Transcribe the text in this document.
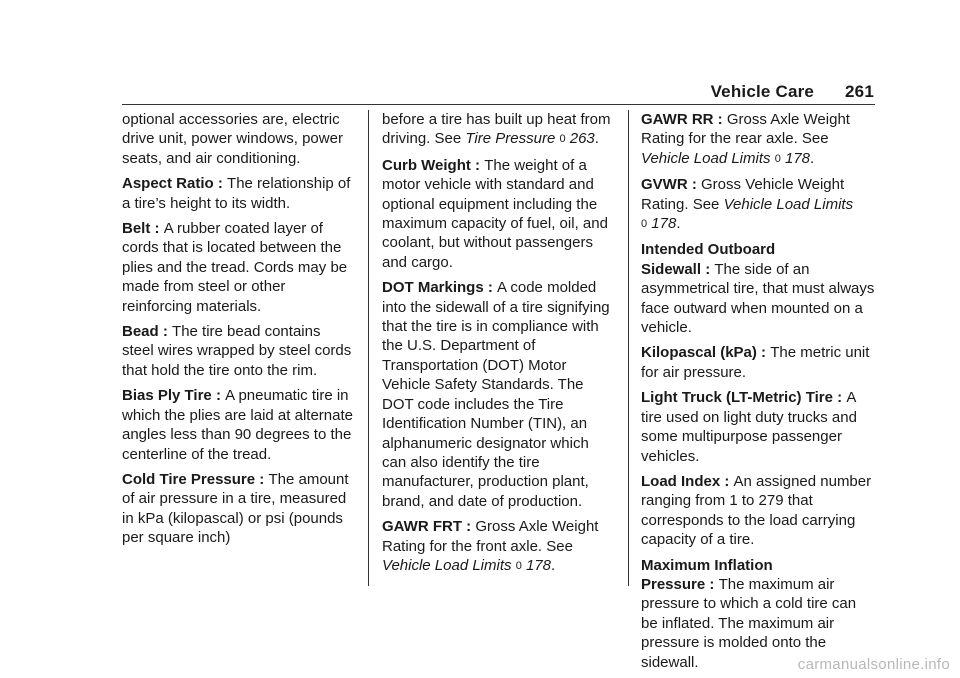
Vehicle Care 261

optional accessories are, electric drive unit, power windows, power seats, and air conditioning.

Aspect Ratio : The relationship of a tire’s height to its width.

Belt : A rubber coated layer of cords that is located between the plies and the tread. Cords may be made from steel or other reinforcing materials.

Bead : The tire bead contains steel wires wrapped by steel cords that hold the tire onto the rim.

Bias Ply Tire : A pneumatic tire in which the plies are laid at alternate angles less than 90 degrees to the centerline of the tread.

Cold Tire Pressure : The amount of air pressure in a tire, measured in kPa (kilopascal) or psi (pounds per square inch)

before a tire has built up heat from driving. See Tire Pressure 0 263.

Curb Weight : The weight of a motor vehicle with standard and optional equipment including the maximum capacity of fuel, oil, and coolant, but without passengers and cargo.

DOT Markings : A code molded into the sidewall of a tire signifying that the tire is in compliance with the U.S. Department of Transportation (DOT) Motor Vehicle Safety Standards. The DOT code includes the Tire Identification Number (TIN), an alphanumeric designator which can also identify the tire manufacturer, production plant, brand, and date of production.

GAWR FRT : Gross Axle Weight Rating for the front axle. See Vehicle Load Limits 0 178.

GAWR RR : Gross Axle Weight Rating for the rear axle. See Vehicle Load Limits 0 178.

GVWR : Gross Vehicle Weight Rating. See Vehicle Load Limits 0 178.

Intended Outboard Sidewall : The side of an asymmetrical tire, that must always face outward when mounted on a vehicle.

Kilopascal (kPa) : The metric unit for air pressure.

Light Truck (LT-Metric) Tire : A tire used on light duty trucks and some multipurpose passenger vehicles.

Load Index : An assigned number ranging from 1 to 279 that corresponds to the load carrying capacity of a tire.

Maximum Inflation Pressure : The maximum air pressure to which a cold tire can be inflated. The maximum air pressure is molded onto the sidewall.	carmanualsonline.info
